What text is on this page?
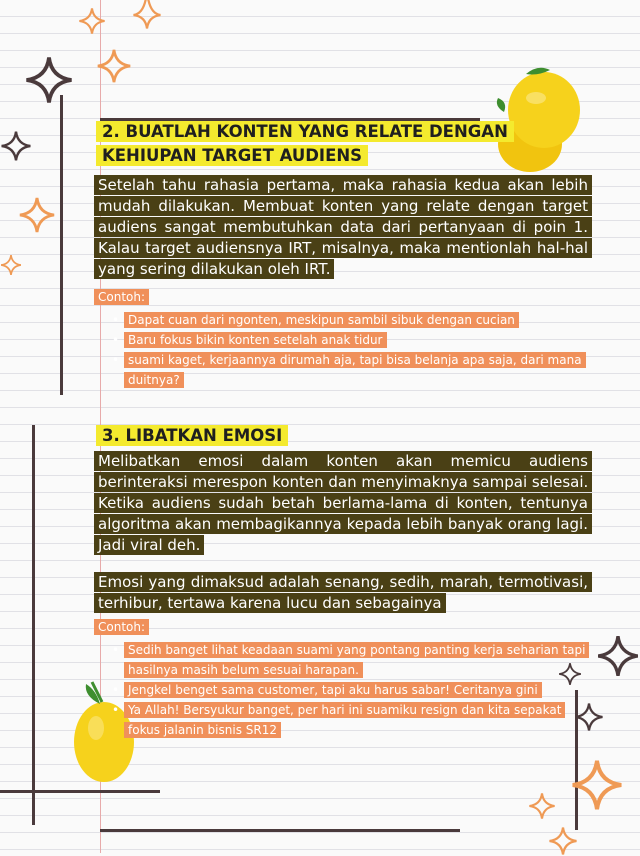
2. BUATLAH KONTEN YANG RELATE DENGAN KEHIUPAN TARGET AUDIENS
Setelah tahu rahasia pertama, maka rahasia kedua akan lebih mudah dilakukan. Membuat konten yang relate dengan target audiens sangat membutuhkan data dari pertanyaan di poin 1. Kalau target audiensnya IRT, misalnya, maka mentionlah hal-hal yang sering dilakukan oleh IRT.
Contoh:
• Dapat cuan dari ngonten, meskipun sambil sibuk dengan cucian
• Baru fokus bikin konten setelah anak tidur
• suami kaget, kerjaannya dirumah aja, tapi bisa belanja apa saja, dari mana duitnya?
3. LIBATKAN EMOSI
Melibatkan emosi dalam konten akan memicu audiens berinteraksi merespon konten dan menyimaknya sampai selesai. Ketika audiens sudah betah berlama-lama di konten, tentunya algoritma akan membagikannya kepada lebih banyak orang lagi. Jadi viral deh.
Emosi yang dimaksud adalah senang, sedih, marah, termotivasi, terhibur, tertawa karena lucu dan sebagainya
Contoh:
• Sedih banget lihat keadaan suami yang pontang panting kerja seharian tapi hasilnya masih belum sesuai harapan.
• Jengkel benget sama customer, tapi aku harus sabar! Ceritanya gini
• Ya Allah! Bersyukur banget, per hari ini suamiku resign dan kita sepakat fokus jalanin bisnis SR12
